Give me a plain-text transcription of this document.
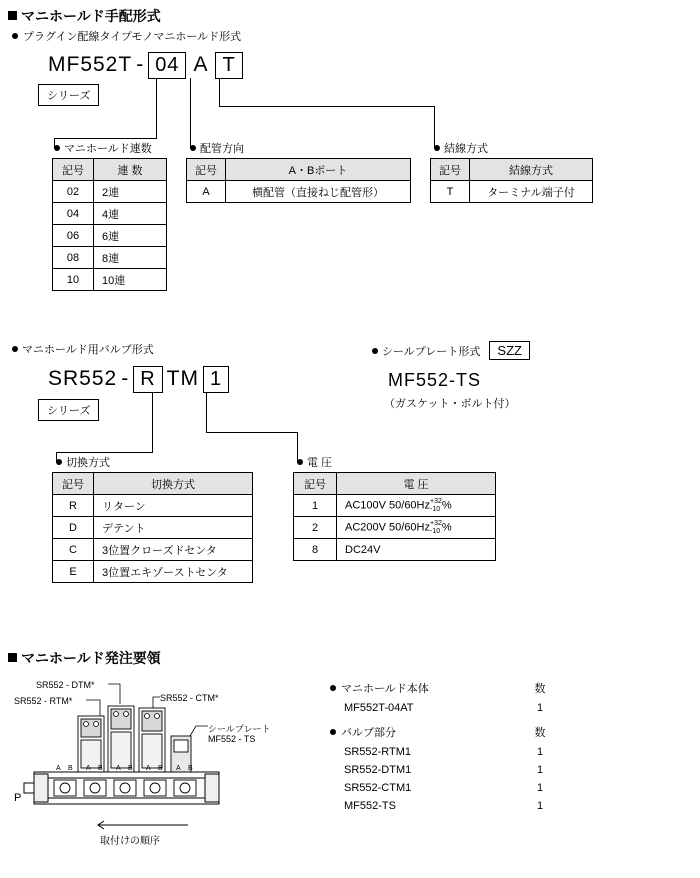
マニホールド手配形式
プラグイン配線タイプモノマニホールド形式
MF552T - 04 A T
シリーズ
マニホールド連数
記号	連 数
02	2連
04	4連
06	6連
08	8連
10	10連
配管方向
記号	A・Bポート
A	横配管（直接ねじ配管形）
結線方式
記号	結線方式
T	ターミナル端子付
マニホールド用バルブ形式
SR552 - R TM 1
シリーズ
シールプレート形式 SZZ
MF552-TS
（ガスケット・ボルト付）
切換方式
記号	切換方式
R	リターン
D	デテント
C	3位置クローズドセンタ
E	3位置エキゾーストセンタ
電 圧
記号	電 圧
1	AC100V 50/60Hz+32
-10 %
2	AC200V 50/60Hz+32
-10 %
8	DC24V
マニホールド発注要領
SR552 - DTM*
SR552 - RTM*	SR552 - CTM*
シールプレート
MF552 - TS
P
取付けの順序
A B A B A B A B A B
マニホールド本体	数
MF552T-04AT	1
バルブ部分	数
SR552-RTM1	1
SR552-DTM1	1
SR552-CTM1	1
MF552-TS	1
